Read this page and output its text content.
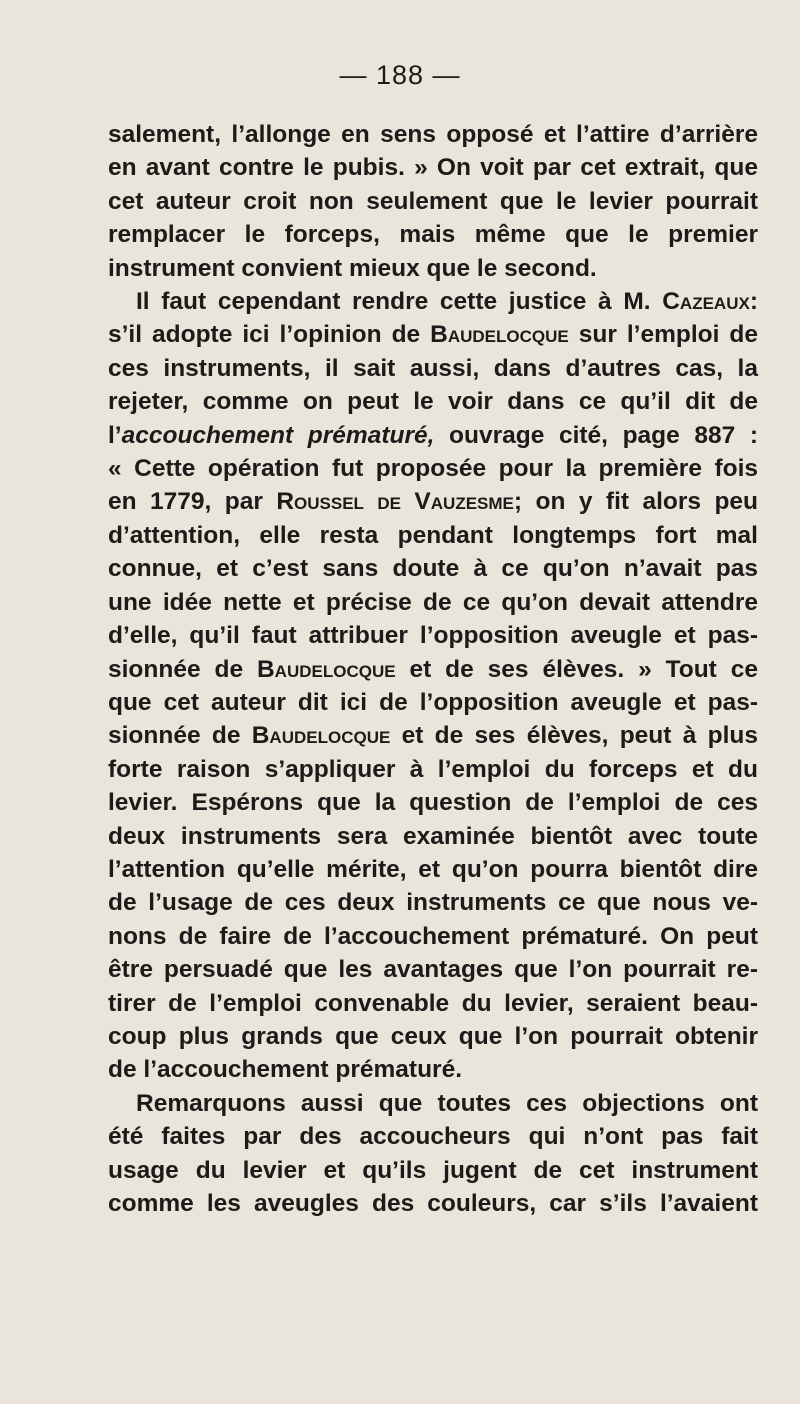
— 188 —
salement, l’allonge en sens opposé et l’attire d’arrière
en avant contre le pubis. » On voit par cet extrait, que
cet auteur croit non seulement que le levier pourrait
remplacer le forceps, mais même que le premier
instrument convient mieux que le second.
Il faut cependant rendre cette justice à M. Cazeaux:
s’il adopte ici l’opinion de Baudelocque sur l’emploi de
ces instruments, il sait aussi, dans d’autres cas, la
rejeter, comme on peut le voir dans ce qu’il dit de
l’accouchement prématuré, ouvrage cité, page 887 :
« Cette opération fut proposée pour la première fois
en 1779, par Roussel de Vauzesme; on y fit alors peu
d’attention, elle resta pendant longtemps fort mal
connue, et c’est sans doute à ce qu’on n’avait pas
une idée nette et précise de ce qu’on devait attendre
d’elle, qu’il faut attribuer l’opposition aveugle et pas-
sionnée de Baudelocque et de ses élèves. » Tout ce
que cet auteur dit ici de l’opposition aveugle et pas-
sionnée de Baudelocque et de ses élèves, peut à plus
forte raison s’appliquer à l’emploi du forceps et du
levier. Espérons que la question de l’emploi de ces
deux instruments sera examinée bientôt avec toute
l’attention qu’elle mérite, et qu’on pourra bientôt dire
de l’usage de ces deux instruments ce que nous ve-
nons de faire de l’accouchement prématuré. On peut
être persuadé que les avantages que l’on pourrait re-
tirer de l’emploi convenable du levier, seraient beau-
coup plus grands que ceux que l’on pourrait obtenir
de l’accouchement prématuré.
Remarquons aussi que toutes ces objections ont
été faites par des accoucheurs qui n’ont pas fait
usage du levier et qu’ils jugent de cet instrument
comme les aveugles des couleurs, car s’ils l’avaient
